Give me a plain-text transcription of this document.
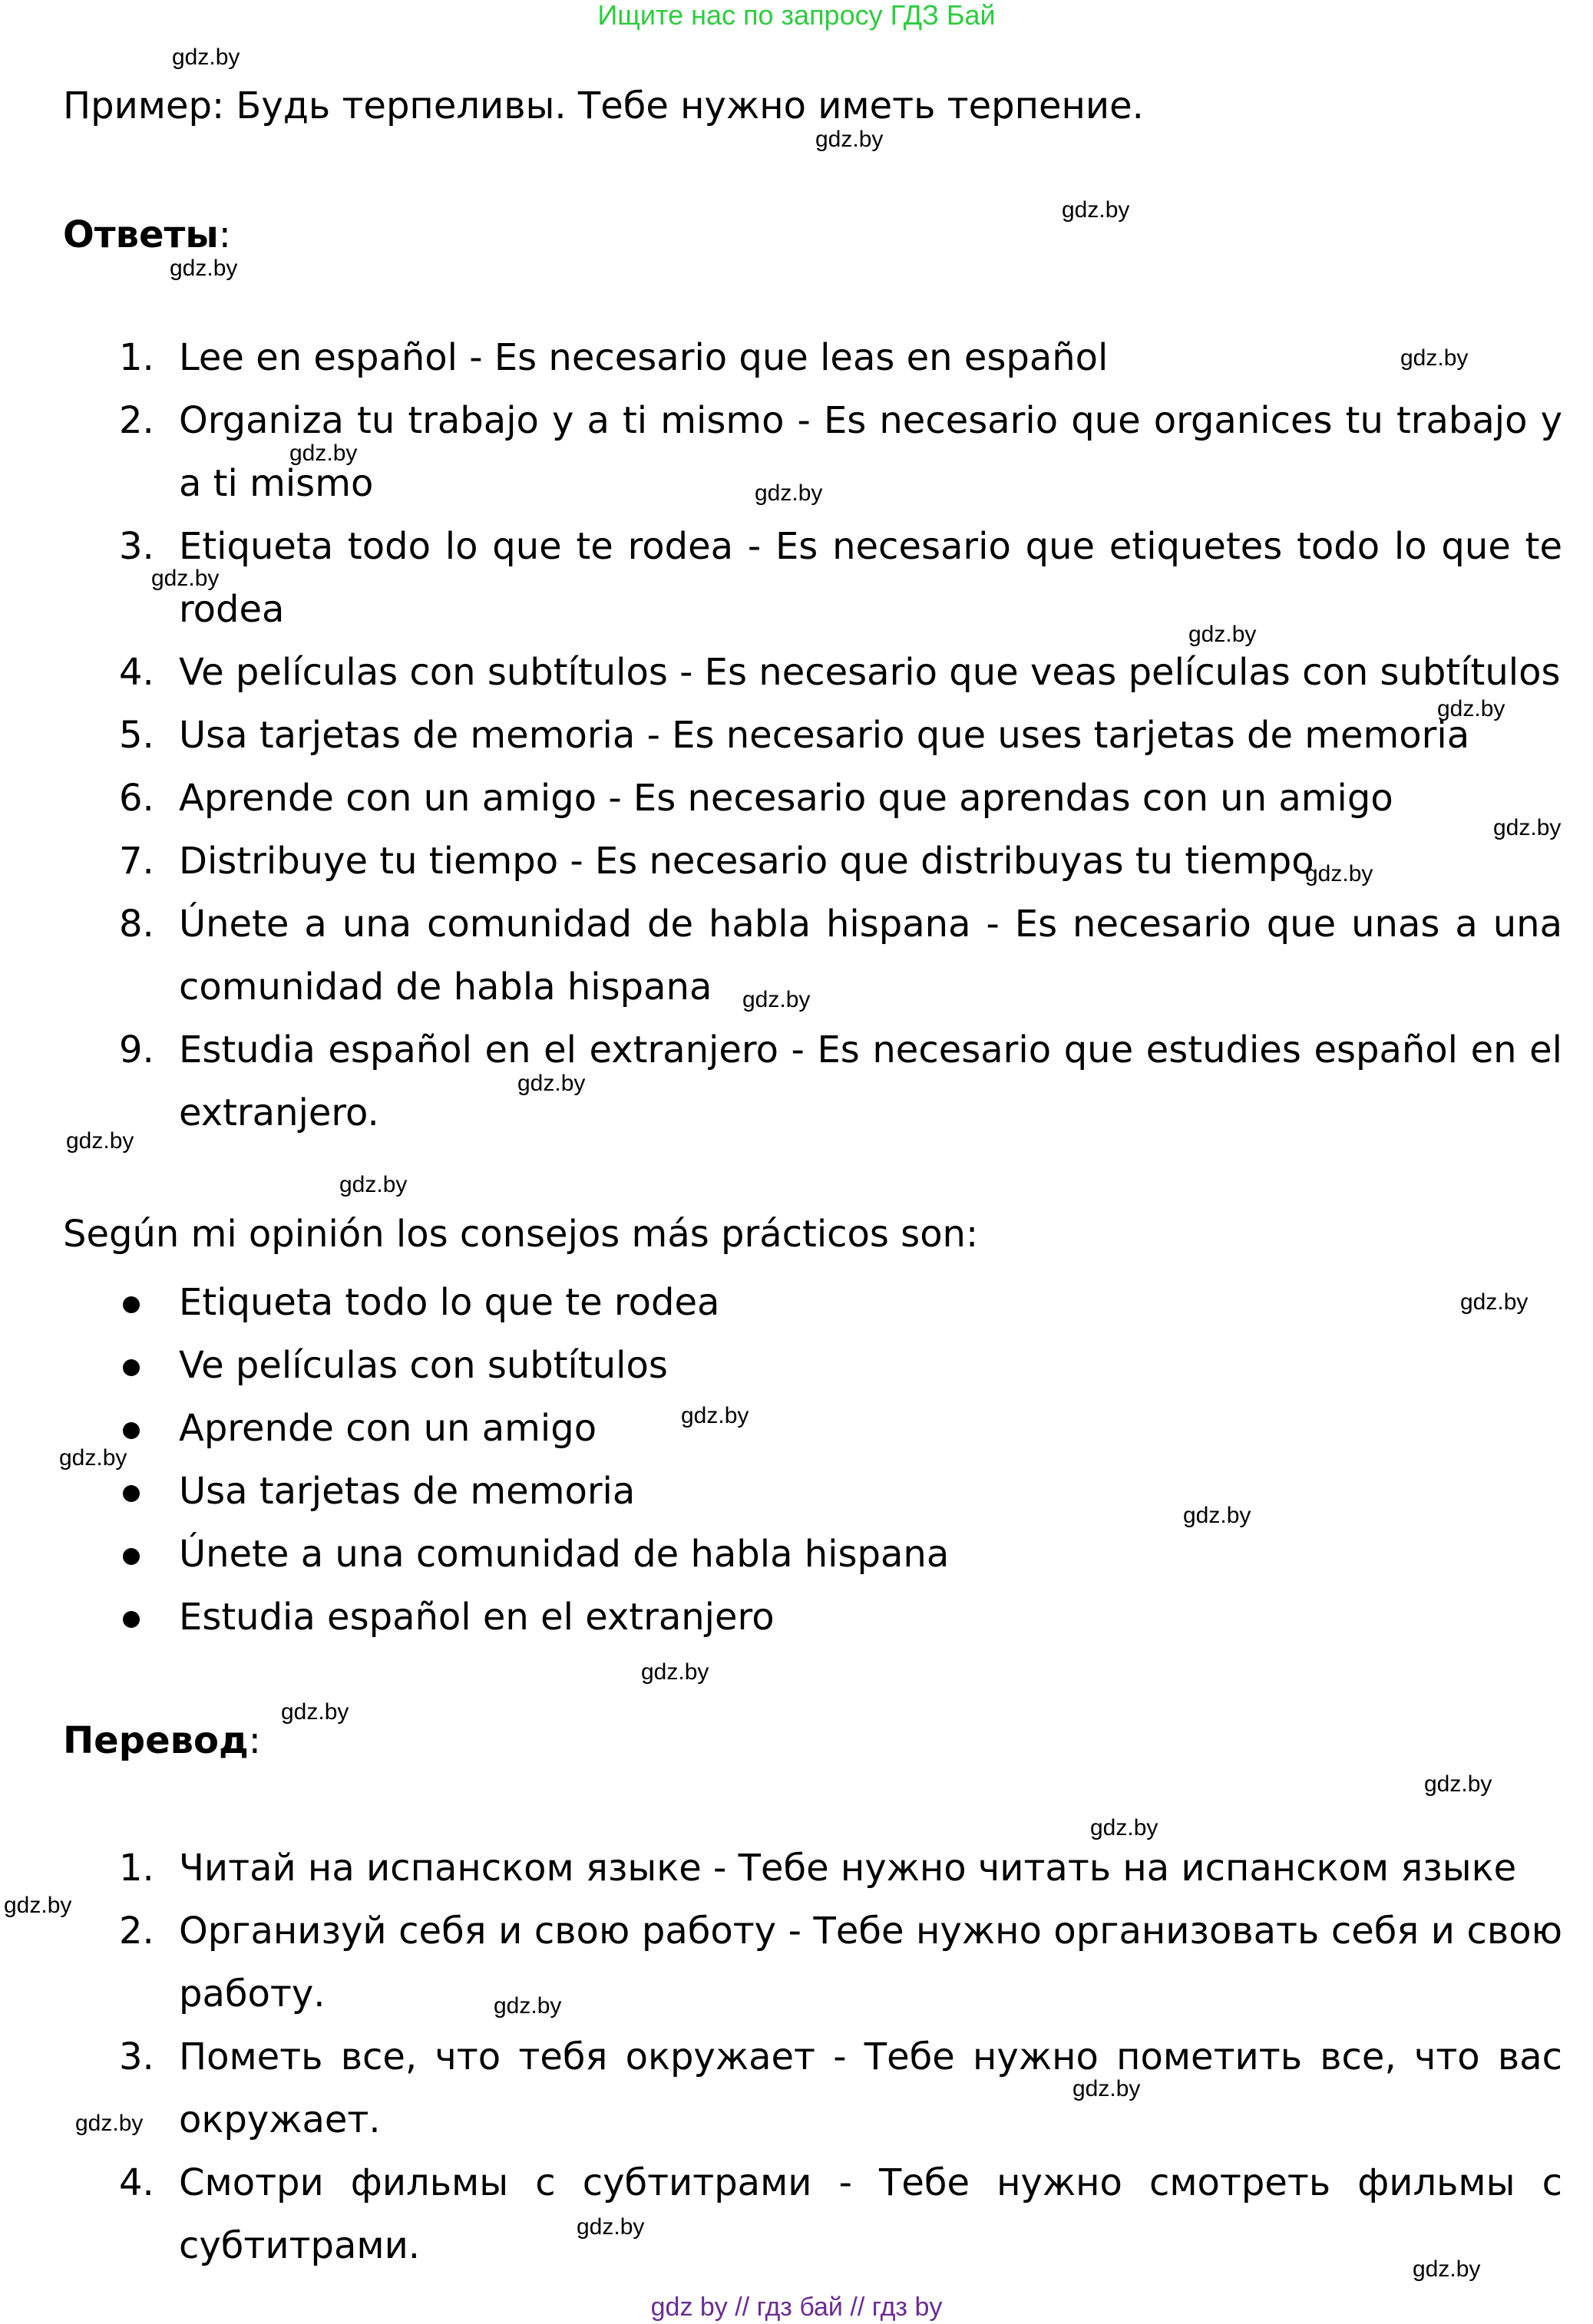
Ищите нас по запросу ГДЗ Бай
Пример: Будь терпеливы. Тебе нужно иметь терпение.
Ответы:
1. Lee en español - Es necesario que leas en español
2. Organiza tu trabajo y a ti mismo - Es necesario que organices tu trabajo y a ti mismo
3. Etiqueta todo lo que te rodea - Es necesario que etiquetes todo lo que te rodea
4. Ve películas con subtítulos - Es necesario que veas películas con subtítulos
5. Usa tarjetas de memoria - Es necesario que uses tarjetas de memoria
6. Aprende con un amigo - Es necesario que aprendas con un amigo
7. Distribuye tu tiempo - Es necesario que distribuyas tu tiempo
8. Únete a una comunidad de habla hispana - Es necesario que unas a una comunidad de habla hispana
9. Estudia español en el extranjero - Es necesario que estudies español en el extranjero.
Según mi opinión los consejos más prácticos son:
Etiqueta todo lo que te rodea
Ve películas con subtítulos
Aprende con un amigo
Usa tarjetas de memoria
Únete a una comunidad de habla hispana
Estudia español en el extranjero
Перевод:
1. Читай на испанском языке - Тебе нужно читать на испанском языке
2. Организуй себя и свою работу - Тебе нужно организовать себя и свою работу.
3. Пометь все, что тебя окружает - Тебе нужно пометить все, что вас окружает.
4. Смотри фильмы с субтитрами - Тебе нужно смотреть фильмы с субтитрами.
gdz.by
gdz.by
gdz.by
gdz.by
gdz.by
gdz.by
gdz.by
gdz.by
gdz.by
gdz.by
gdz.by
gdz.by
gdz.by
gdz.by
gdz.by
gdz.by
gdz.by
gdz.by
gdz.by
gdz.by
gdz.by
gdz.by
gdz.by
gdz.by
gdz.by
gdz.by
gdz.by
gdz.by
gdz.by
gdz.by
gdz by // гдз бай // гдз by
